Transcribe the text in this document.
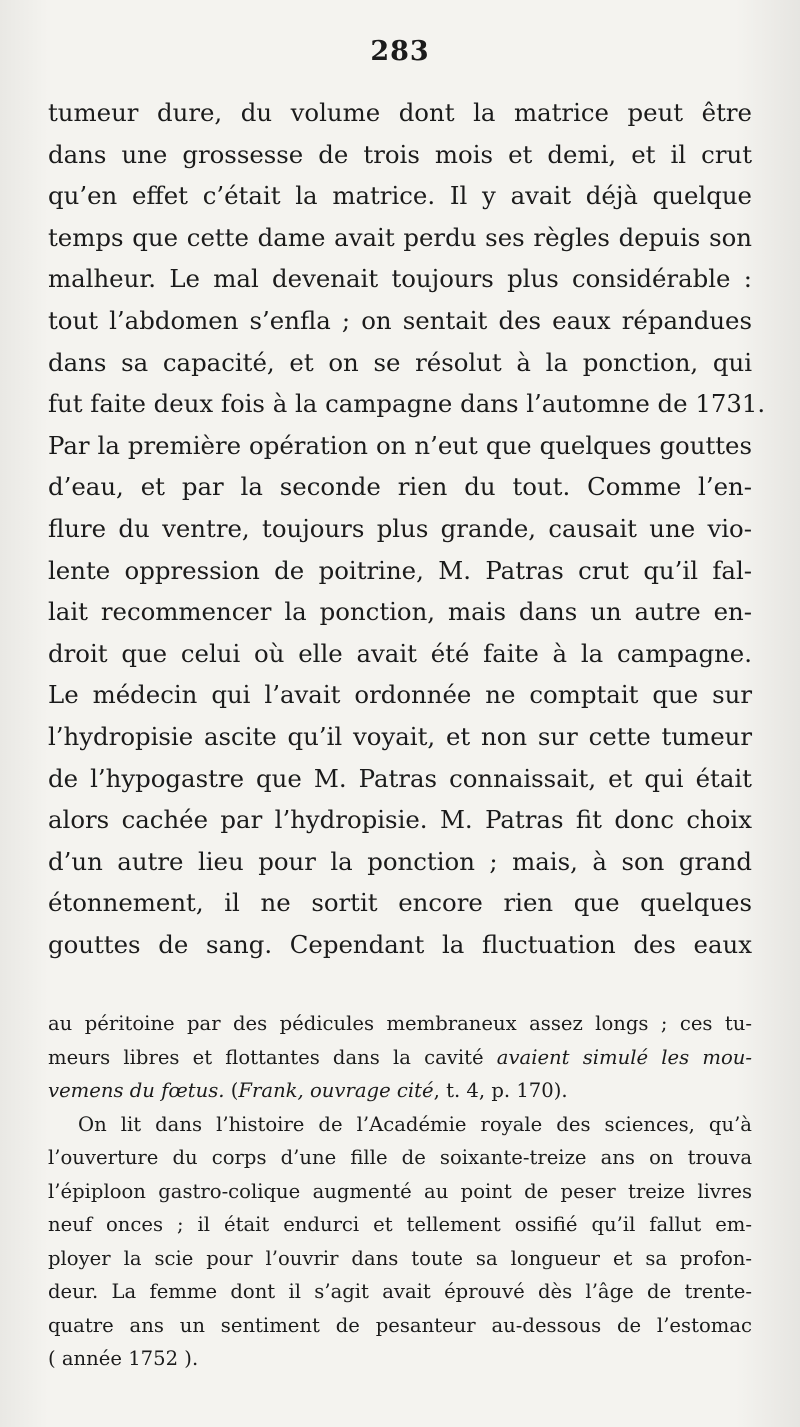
283
tumeur dure, du volume dont la matrice peut être
dans une grossesse de trois mois et demi, et il crut
qu’en effet c’était la matrice. Il y avait déjà quelque
temps que cette dame avait perdu ses règles depuis son
malheur. Le mal devenait toujours plus considérable :
tout l’abdomen s’enfla ; on sentait des eaux répandues
dans sa capacité, et on se résolut à la ponction, qui
fut faite deux fois à la campagne dans l’automne de 1731.
Par la première opération on n’eut que quelques gouttes
d’eau, et par la seconde rien du tout. Comme l’en-
flure du ventre, toujours plus grande, causait une vio-
lente oppression de poitrine, M. Patras crut qu’il fal-
lait recommencer la ponction, mais dans un autre en-
droit que celui où elle avait été faite à la campagne.
Le médecin qui l’avait ordonnée ne comptait que sur
l’hydropisie ascite qu’il voyait, et non sur cette tumeur
de l’hypogastre que M. Patras connaissait, et qui était
alors cachée par l’hydropisie. M. Patras fit donc choix
d’un autre lieu pour la ponction ; mais, à son grand
étonnement, il ne sortit encore rien que quelques
gouttes de sang. Cependant la fluctuation des eaux
au péritoine par des pédicules membraneux assez longs ; ces tu-
meurs libres et flottantes dans la cavité avaient simulé les mou-
vemens du fœtus. (Frank, ouvrage cité, t. 4, p. 170).
On lit dans l’histoire de l’Académie royale des sciences, qu’à
l’ouverture du corps d’une fille de soixante-treize ans on trouva
l’épiploon gastro-colique augmenté au point de peser treize livres
neuf onces ; il était endurci et tellement ossifié qu’il fallut em-
ployer la scie pour l’ouvrir dans toute sa longueur et sa profon-
deur. La femme dont il s’agit avait éprouvé dès l’âge de trente-
quatre ans un sentiment de pesanteur au-dessous de l’estomac
( année 1752 ).
